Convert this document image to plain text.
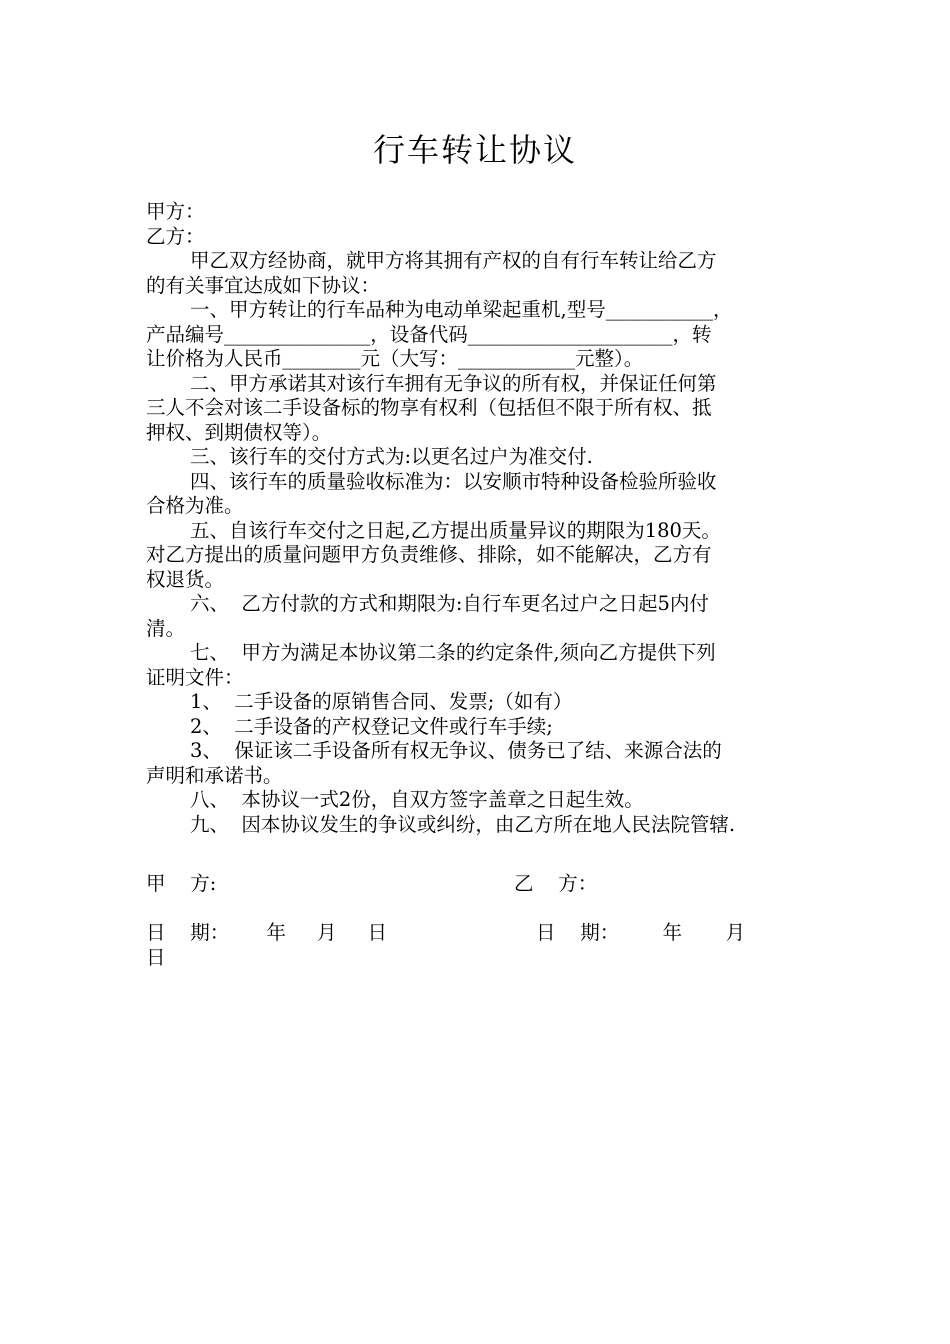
行车转让协议
甲方：
乙方：
甲乙双方经协商，就甲方将其拥有产权的自有行车转让给乙方
的有关事宜达成如下协议：
一、甲方转让的行车品种为电动单梁起重机,型号___________，
产品编号_______________，设备代码_____________________，转
让价格为人民币________元（大写：____________元整）。
二、甲方承诺其对该行车拥有无争议的所有权，并保证任何第
三人不会对该二手设备标的物享有权利（包括但不限于所有权、抵
押权、到期债权等）。
三、该行车的交付方式为:以更名过户为准交付.
四、该行车的质量验收标准为：以安顺市特种设备检验所验收
合格为准。
五、自该行车交付之日起,乙方提出质量异议的期限为180天。
对乙方提出的质量问题甲方负责维修、排除，如不能解决，乙方有
权退货。
六、  乙方付款的方式和期限为:自行车更名过户之日起5内付
清。
七、  甲方为满足本协议第二条的约定条件,须向乙方提供下列
证明文件：
1、  二手设备的原销售合同、发票;（如有）
2、  二手设备的产权登记文件或行车手续;
3、  保证该二手设备所有权无争议、债务已了结、来源合法的
声明和承诺书。
八、  本协议一式2份，自双方签字盖章之日起生效。
九、  因本协议发生的争议或纠纷，由乙方所在地人民法院管辖.
甲    方:	乙    方：
日    期：      年     月     日	日    期：       年       月
日
